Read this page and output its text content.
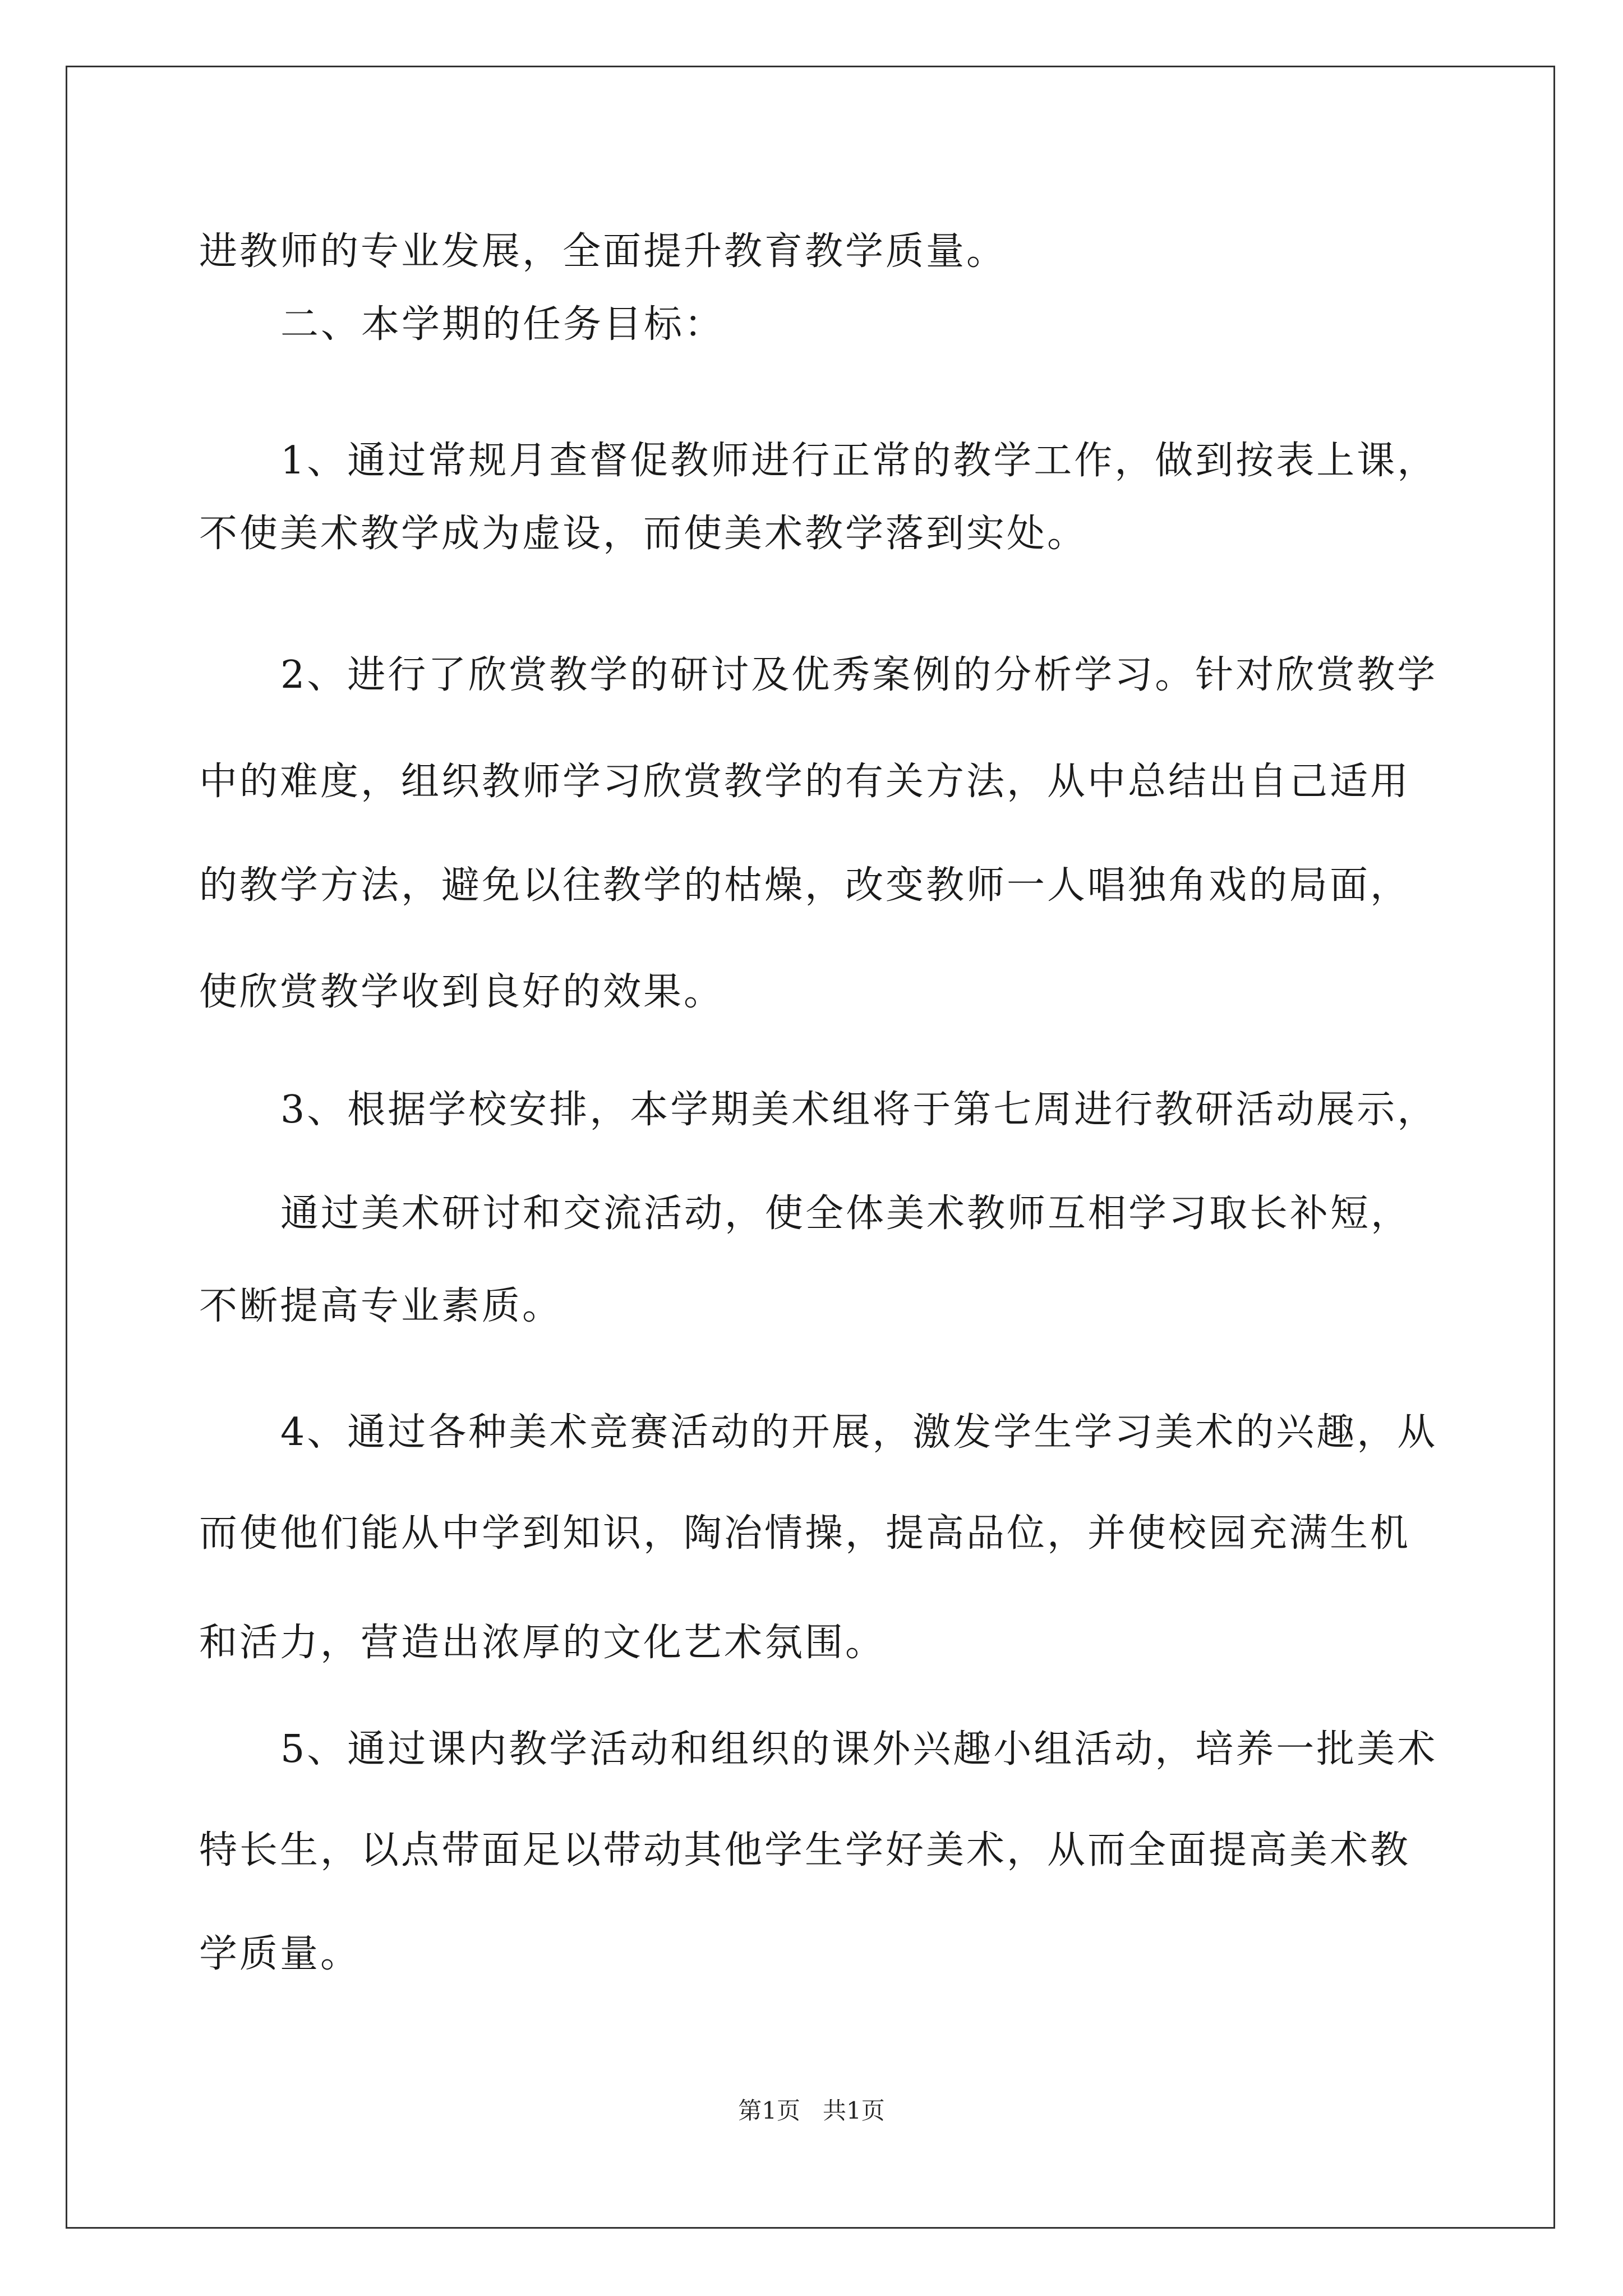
进教师的专业发展，全面提升教育教学质量。
二、本学期的任务目标：
1、通过常规月查督促教师进行正常的教学工作，做到按表上课，
不使美术教学成为虚设，而使美术教学落到实处。
2、进行了欣赏教学的研讨及优秀案例的分析学习。针对欣赏教学
中的难度，组织教师学习欣赏教学的有关方法，从中总结出自己适用
的教学方法，避免以往教学的枯燥，改变教师一人唱独角戏的局面，
使欣赏教学收到良好的效果。
3、根据学校安排，本学期美术组将于第七周进行教研活动展示，
通过美术研讨和交流活动，使全体美术教师互相学习取长补短，
不断提高专业素质。
4、通过各种美术竞赛活动的开展，激发学生学习美术的兴趣，从
而使他们能从中学到知识，陶冶情操，提高品位，并使校园充满生机
和活力，营造出浓厚的文化艺术氛围。
5、通过课内教学活动和组织的课外兴趣小组活动，培养一批美术
特长生，以点带面足以带动其他学生学好美术，从而全面提高美术教
学质量。
第1页   共1页
